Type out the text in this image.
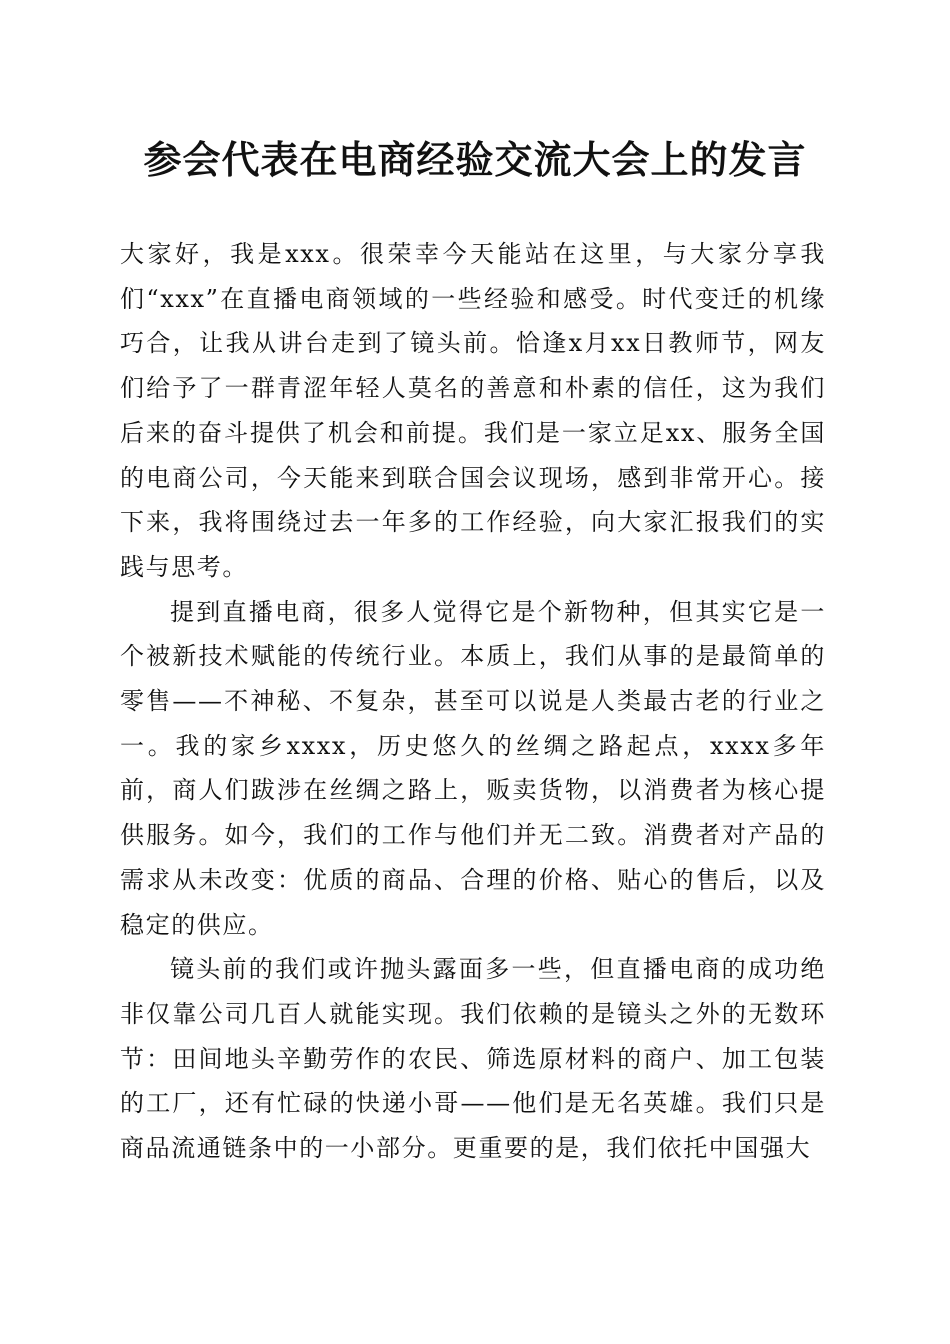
参会代表在电商经验交流大会上的发言

大家好，我是xxx。很荣幸今天能站在这里，与大家分享我们“xxx”在直播电商领域的一些经验和感受。时代变迁的机缘巧合，让我从讲台走到了镜头前。恰逢x月xx日教师节，网友们给予了一群青涩年轻人莫名的善意和朴素的信任，这为我们后来的奋斗提供了机会和前提。我们是一家立足xx、服务全国的电商公司，今天能来到联合国会议现场，感到非常开心。接下来，我将围绕过去一年多的工作经验，向大家汇报我们的实践与思考。

提到直播电商，很多人觉得它是个新物种，但其实它是一个被新技术赋能的传统行业。本质上，我们从事的是最简单的零售——不神秘、不复杂，甚至可以说是人类最古老的行业之一。我的家乡xxxx，历史悠久的丝绸之路起点，xxxx多年前，商人们跋涉在丝绸之路上，贩卖货物，以消费者为核心提供服务。如今，我们的工作与他们并无二致。消费者对产品的需求从未改变：优质的商品、合理的价格、贴心的售后，以及稳定的供应。

镜头前的我们或许抛头露面多一些，但直播电商的成功绝非仅靠公司几百人就能实现。我们依赖的是镜头之外的无数环节：田间地头辛勤劳作的农民、筛选原材料的商户、加工包装的工厂，还有忙碌的快递小哥——他们是无名英雄。我们只是商品流通链条中的一小部分。更重要的是，我们依托中国强大
